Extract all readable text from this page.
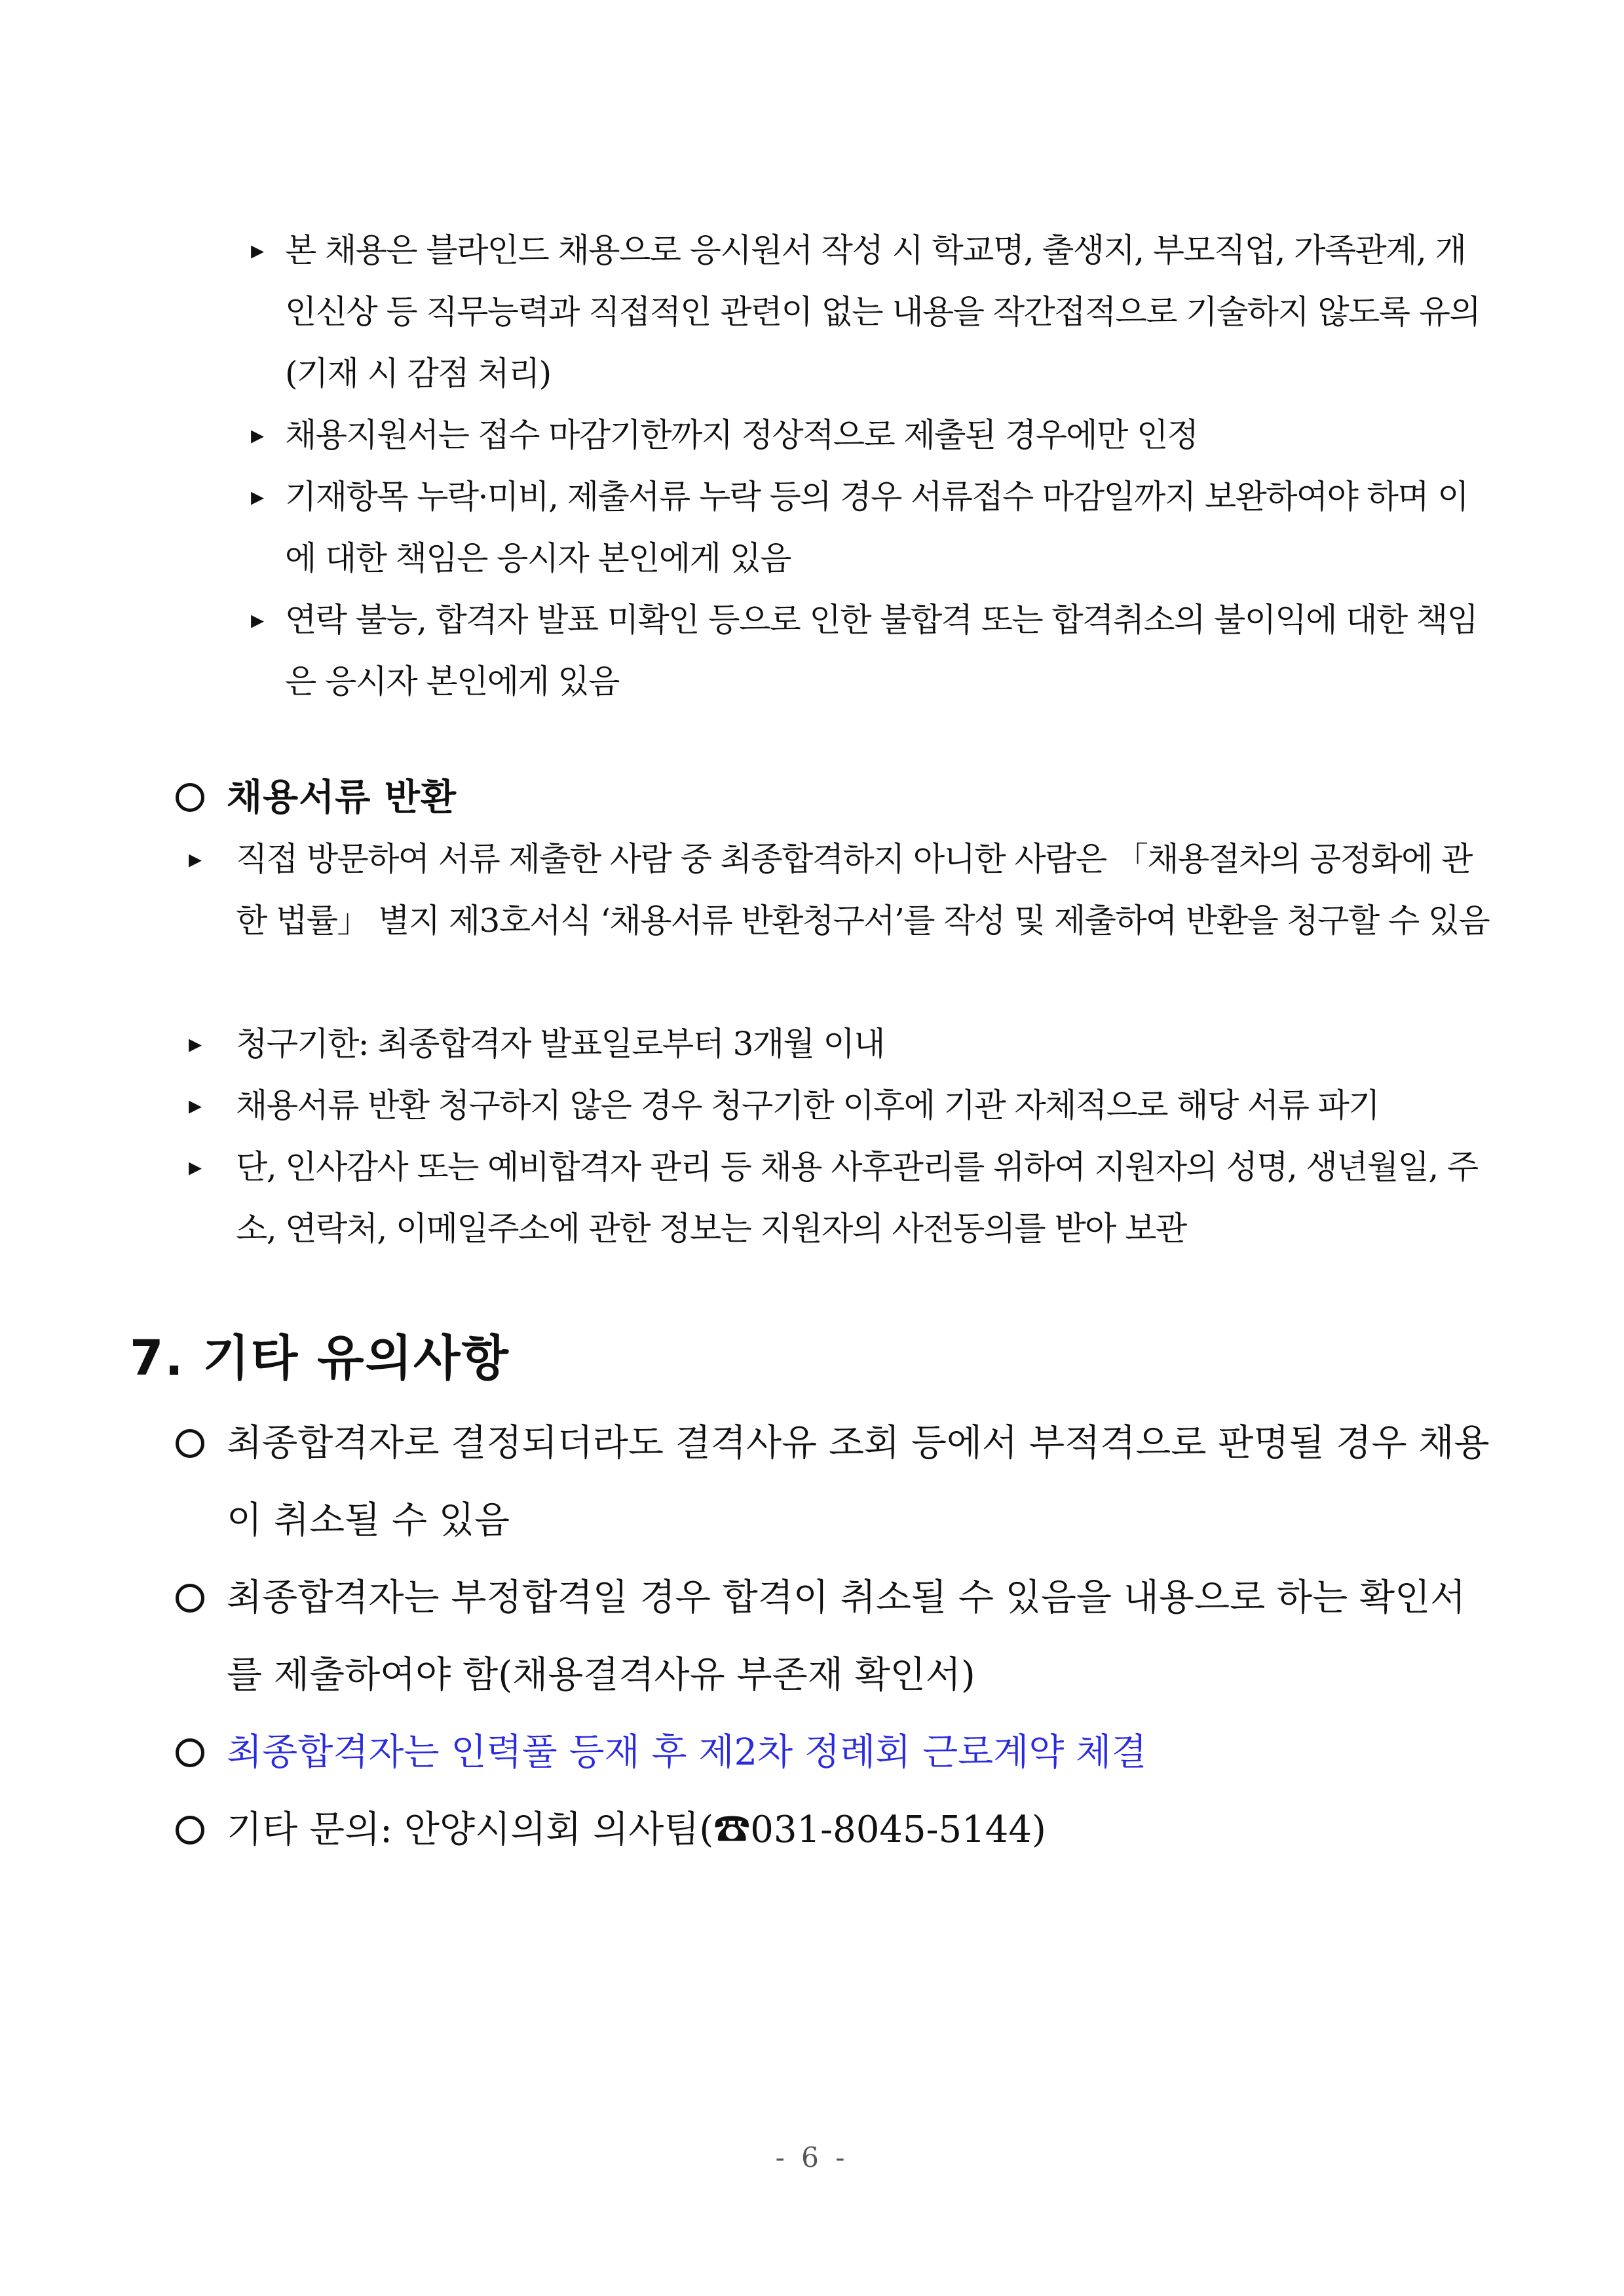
▸ 본 채용은 블라인드 채용으로 응시원서 작성 시 학교명, 출생지, 부모직업, 가족관계, 개인신상 등 직무능력과 직접적인 관련이 없는 내용을 작간접적으로 기술하지 않도록 유의(기재 시 감점 처리)
▸ 채용지원서는 접수 마감기한까지 정상적으로 제출된 경우에만 인정
▸ 기재항목 누락·미비, 제출서류 누락 등의 경우 서류접수 마감일까지 보완하여야 하며 이에 대한 책임은 응시자 본인에게 있음
▸ 연락 불능, 합격자 발표 미확인 등으로 인한 불합격 또는 합격취소의 불이익에 대한 책임은 응시자 본인에게 있음
채용서류 반환
▸	직접 방문하여 서류 제출한 사람 중 최종합격하지 아니한 사람은 「채용절차의 공정화에 관한 법률」 별지 제3호서식 ‘채용서류 반환청구서’를 작성 및 제출하여 반환을 청구할 수 있음
▸	청구기한: 최종합격자 발표일로부터 3개월 이내
▸	채용서류 반환 청구하지 않은 경우 청구기한 이후에 기관 자체적으로 해당 서류 파기
▸	단, 인사감사 또는 예비합격자 관리 등 채용 사후관리를 위하여 지원자의 성명, 생년월일, 주소, 연락처, 이메일주소에 관한 정보는 지원자의 사전동의를 받아 보관
7. 기타 유의사항
최종합격자로 결정되더라도 결격사유 조회 등에서 부적격으로 판명될 경우 채용이 취소될 수 있음
최종합격자는 부정합격일 경우 합격이 취소될 수 있음을 내용으로 하는 확인서를 제출하여야 함(채용결격사유 부존재 확인서)
최종합격자는 인력풀 등재 후 제2차 정례회 근로계약 체결
기타 문의: 안양시의회 의사팀(☎031-8045-5144)
- 6 -
